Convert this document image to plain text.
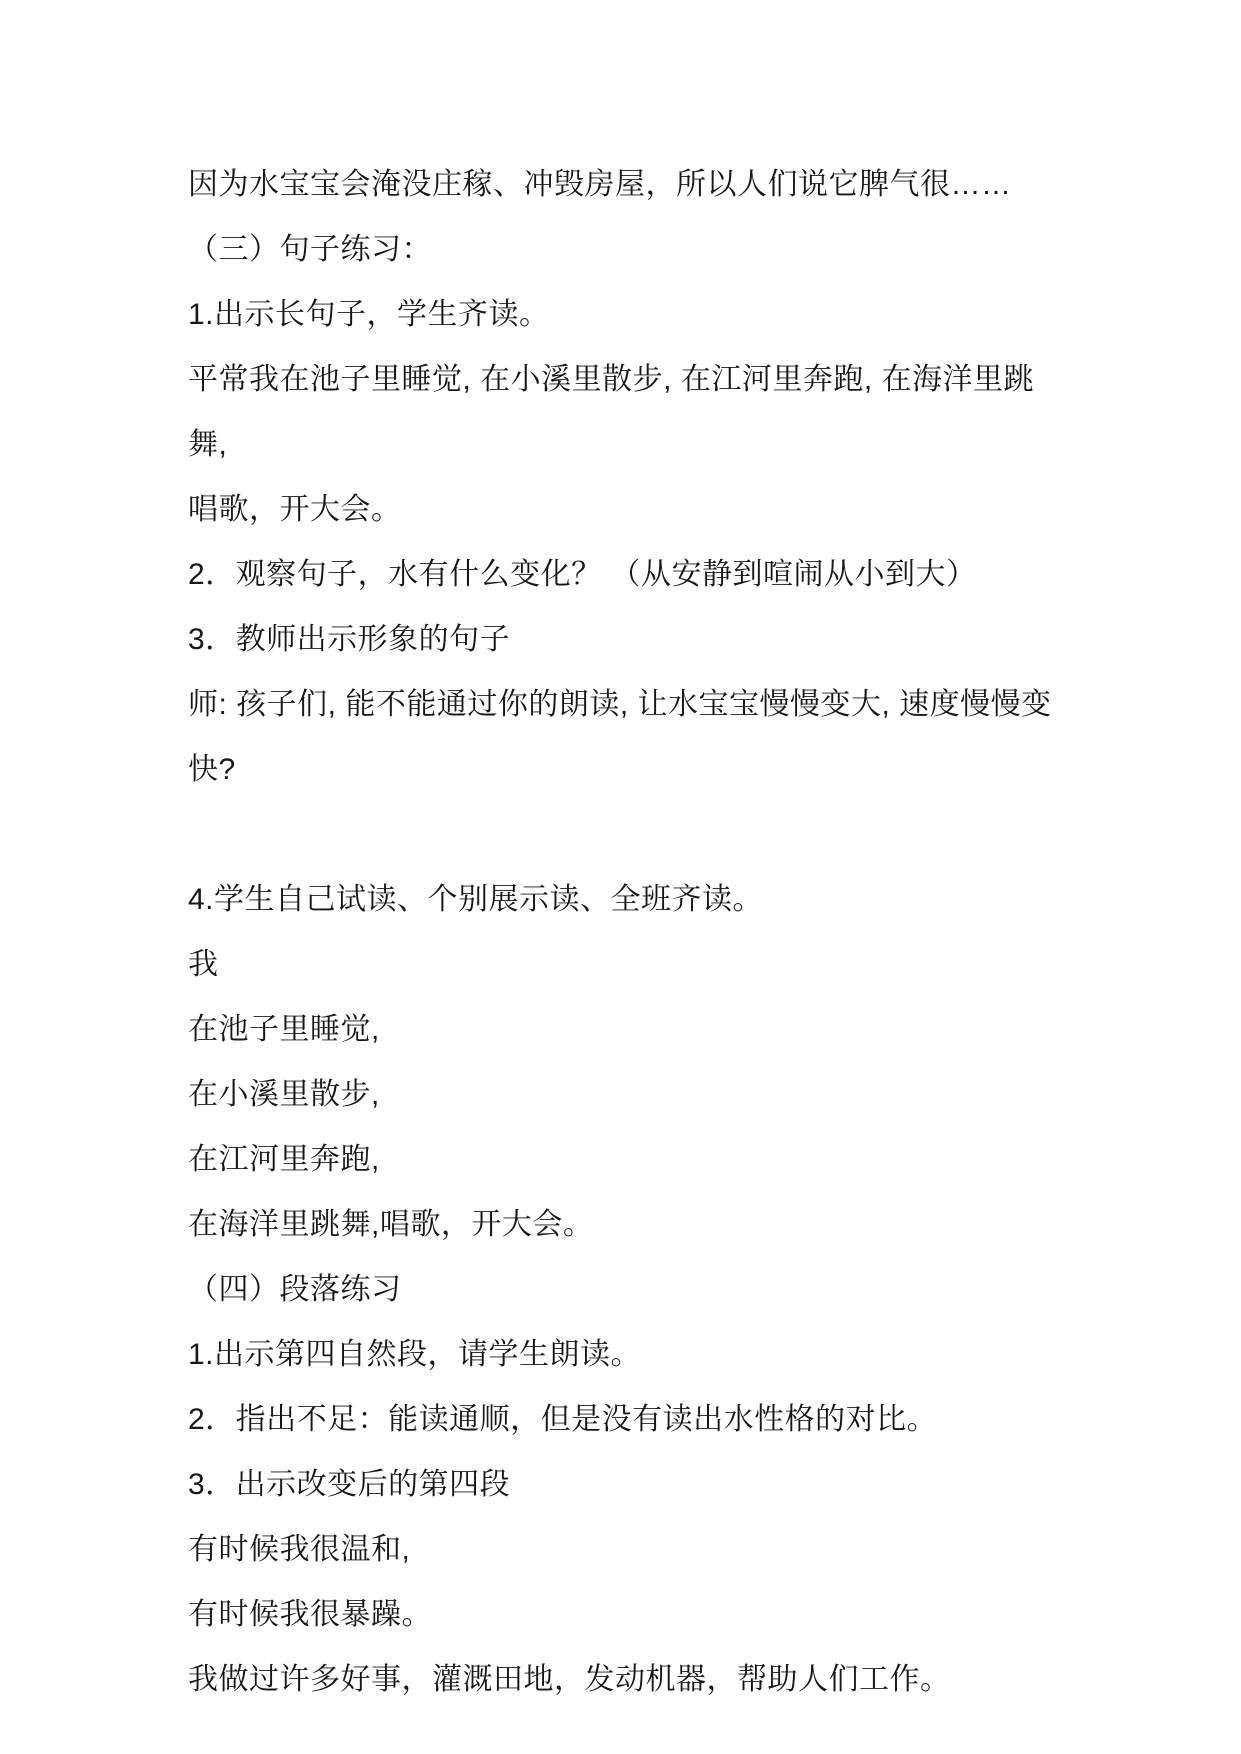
因为水宝宝会淹没庄稼、冲毁房屋，所以人们说它脾气很……
（三）句子练习：
1.出示长句子，学生齐读。
平常我在池子里睡觉, 在小溪里散步, 在江河里奔跑, 在海洋里跳舞,
唱歌，开大会。
2．观察句子，水有什么变化？ （从安静到喧闹从小到大）
3．教师出示形象的句子
师: 孩子们, 能不能通过你的朗读, 让水宝宝慢慢变大, 速度慢慢变快?
4.学生自己试读、个别展示读、全班齐读。
我
在池子里睡觉,
在小溪里散步,
在江河里奔跑,
在海洋里跳舞,唱歌，开大会。
（四）段落练习
1.出示第四自然段，请学生朗读。
2．指出不足：能读通顺，但是没有读出水性格的对比。
3．出示改变后的第四段
有时候我很温和,
有时候我很暴躁。
我做过许多好事，灌溉田地，发动机器，帮助人们工作。
